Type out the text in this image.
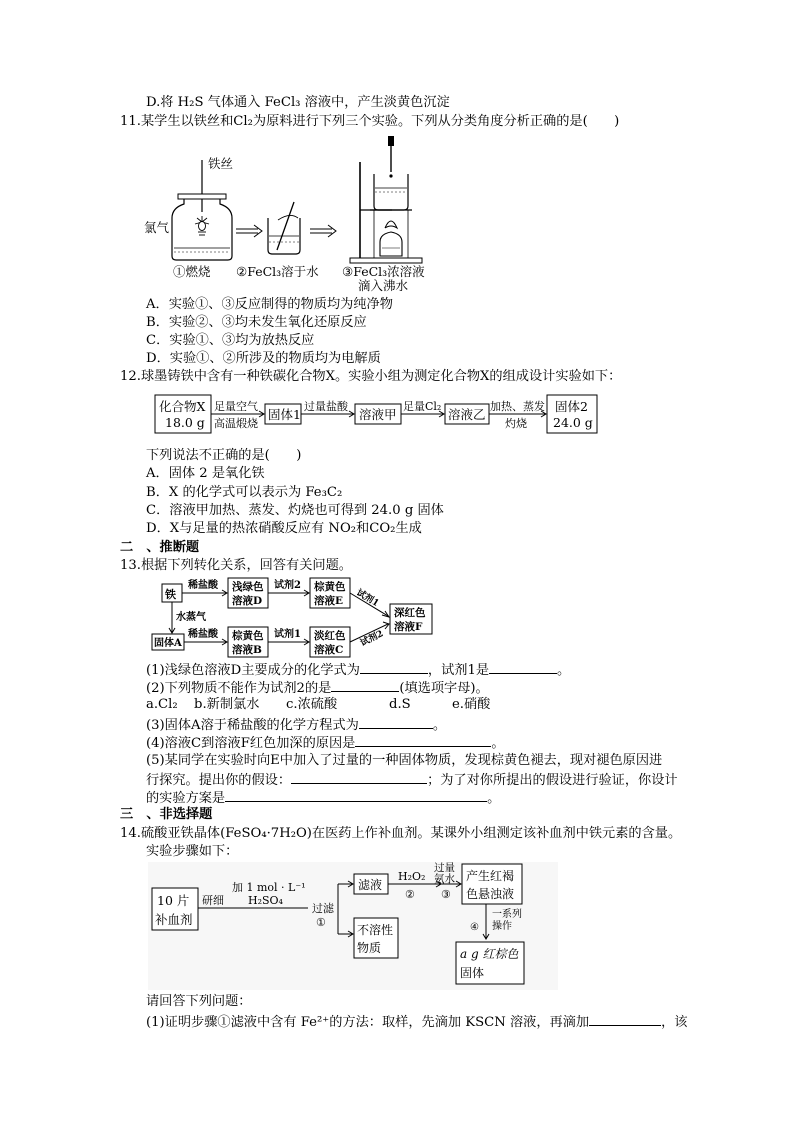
D.将 H₂S 气体通入 FeCl₃ 溶液中，产生淡黄色沉淀
11.某学生以铁丝和Cl₂为原料进行下列三个实验。下列从分类角度分析正确的是(　　)
铁丝
氯气
①燃烧 ②FeCl₃溶于水 ③FeCl₃浓溶液
滴入沸水
A．实验①、③反应制得的物质均为纯净物
B．实验②、③均未发生氧化还原反应
C．实验①、③均为放热反应
D．实验①、②所涉及的物质均为电解质
12.球墨铸铁中含有一种铁碳化合物X。实验小组为测定化合物X的组成设计实验如下：
化合物X
18.0 g
足量空气
高温煅烧
固体1
过量盐酸
溶液甲
足量Cl₂
溶液乙
加热、蒸发
灼烧
固体2
24.0 g
下列说法不正确的是(　　)
A．固体 2 是氧化铁
B．X 的化学式可以表示为 Fe₃C₂
C．溶液甲加热、蒸发、灼烧也可得到 24.0 g 固体
D．X与足量的热浓硝酸反应有 NO₂和CO₂生成
二　、推断题
13.根据下列转化关系，回答有关问题。
铁
稀盐酸 浅绿色
溶液D
试剂2 棕黄色
溶液E 试剂1
深红色
溶液F
水蒸气
固体A
稀盐酸 棕黄色
溶液B
试剂1 淡红色
溶液C
试剂2
(1)浅绿色溶液D主要成分的化学式为	，试剂1是	。
(2)下列物质不能作为试剂2的是	(填选项字母)。
a.Cl₂ b.新制氯水 c.浓硫酸	d.S	e.硝酸
(3)固体A溶于稀盐酸的化学方程式为	。
(4)溶液C到溶液F红色加深的原因是	。
(5)某同学在实验时向E中加入了过量的一种固体物质，发现棕黄色褪去，现对褪色原因进
行探究。提出你的假设：	；为了对你所提出的假设进行验证，你设计
的实验方案是	。
三　、非选择题
14.硫酸亚铁晶体(FeSO₄·7H₂O)在医药上作补血剂。某课外小组测定该补血剂中铁元素的含量。
实验步骤如下：
10 片
补血剂
研细
加 1 mol · L⁻¹
H₂SO₄
过滤
①
滤液
不溶性
物质
H₂O₂
②
过量
氨水
③
产生红褐
色悬浊液
一系列
操作
④
a g 红棕色
固体
请回答下列问题：
(1)证明步骤①滤液中含有 Fe²⁺的方法：取样，先滴加 KSCN 溶液，再滴加	，该
